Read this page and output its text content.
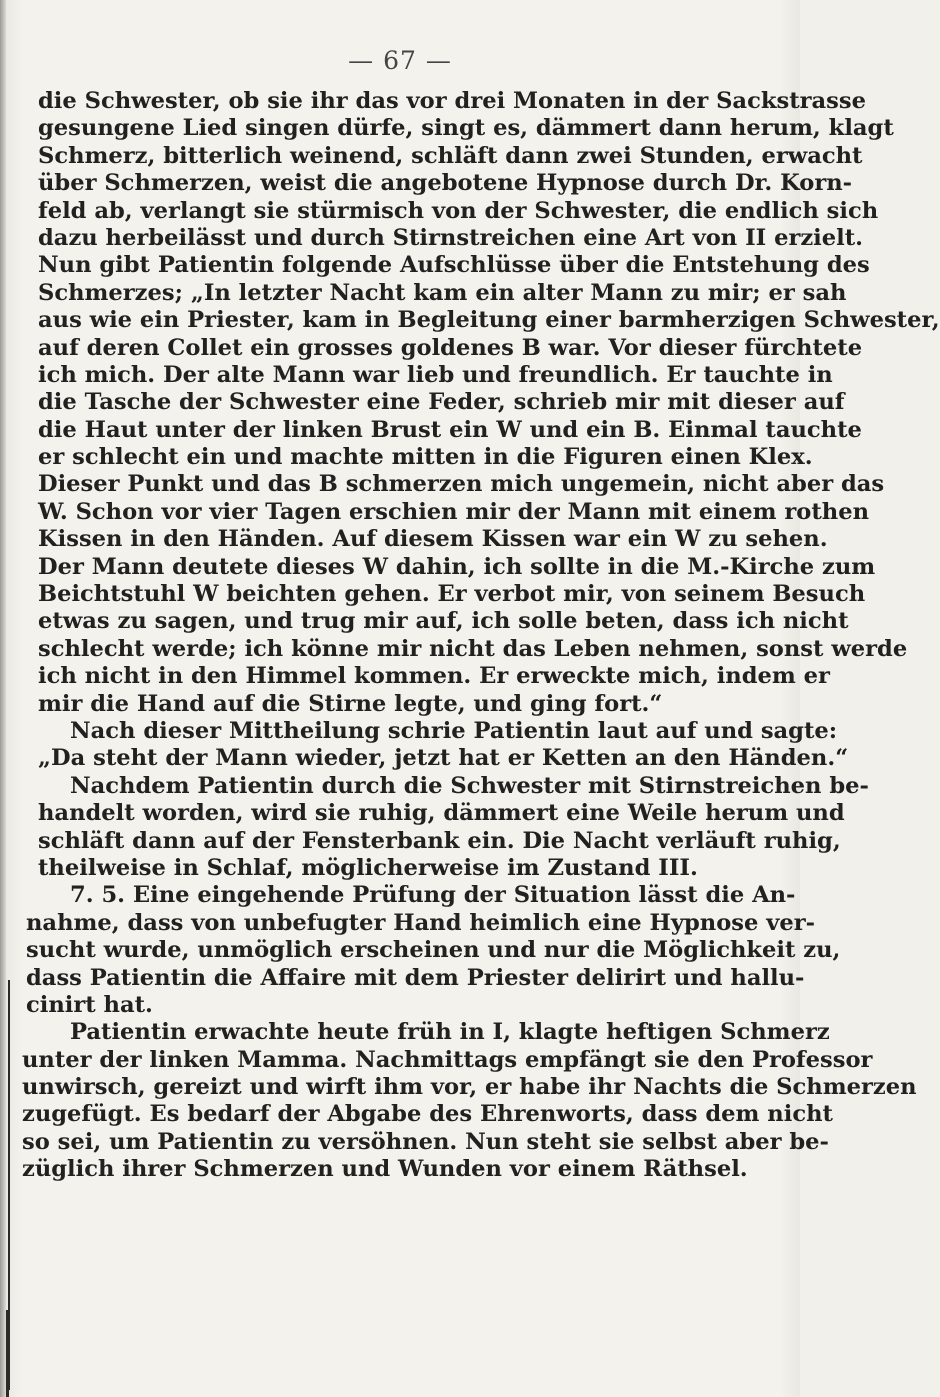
— 67 —
die Schwester, ob sie ihr das vor drei Monaten in der Sackstrasse
gesungene Lied singen dürfe, singt es, dämmert dann herum, klagt
Schmerz, bitterlich weinend, schläft dann zwei Stunden, erwacht
über Schmerzen, weist die angebotene Hypnose durch Dr. Korn-
feld ab, verlangt sie stürmisch von der Schwester, die endlich sich
dazu herbeilässt und durch Stirnstreichen eine Art von II erzielt.
Nun gibt Patientin folgende Aufschlüsse über die Entstehung des
Schmerzes; „In letzter Nacht kam ein alter Mann zu mir; er sah
aus wie ein Priester, kam in Begleitung einer barmherzigen Schwester,
auf deren Collet ein grosses goldenes B war. Vor dieser fürchtete
ich mich. Der alte Mann war lieb und freundlich. Er tauchte in
die Tasche der Schwester eine Feder, schrieb mir mit dieser auf
die Haut unter der linken Brust ein W und ein B. Einmal tauchte
er schlecht ein und machte mitten in die Figuren einen Klex.
Dieser Punkt und das B schmerzen mich ungemein, nicht aber das
W. Schon vor vier Tagen erschien mir der Mann mit einem rothen
Kissen in den Händen. Auf diesem Kissen war ein W zu sehen.
Der Mann deutete dieses W dahin, ich sollte in die M.-Kirche zum
Beichtstuhl W beichten gehen. Er verbot mir, von seinem Besuch
etwas zu sagen, und trug mir auf, ich solle beten, dass ich nicht
schlecht werde; ich könne mir nicht das Leben nehmen, sonst werde
ich nicht in den Himmel kommen. Er erweckte mich, indem er
mir die Hand auf die Stirne legte, und ging fort.“
Nach dieser Mittheilung schrie Patientin laut auf und sagte:
„Da steht der Mann wieder, jetzt hat er Ketten an den Händen.“
Nachdem Patientin durch die Schwester mit Stirnstreichen be-
handelt worden, wird sie ruhig, dämmert eine Weile herum und
schläft dann auf der Fensterbank ein. Die Nacht verläuft ruhig,
theilweise in Schlaf, möglicherweise im Zustand III.
7. 5. Eine eingehende Prüfung der Situation lässt die An-
nahme, dass von unbefugter Hand heimlich eine Hypnose ver-
sucht wurde, unmöglich erscheinen und nur die Möglichkeit zu,
dass Patientin die Affaire mit dem Priester delirirt und hallu-
cinirt hat.
Patientin erwachte heute früh in I, klagte heftigen Schmerz
unter der linken Mamma. Nachmittags empfängt sie den Professor
unwirsch, gereizt und wirft ihm vor, er habe ihr Nachts die Schmerzen
zugefügt. Es bedarf der Abgabe des Ehrenworts, dass dem nicht
so sei, um Patientin zu versöhnen. Nun steht sie selbst aber be-
züglich ihrer Schmerzen und Wunden vor einem Räthsel.
